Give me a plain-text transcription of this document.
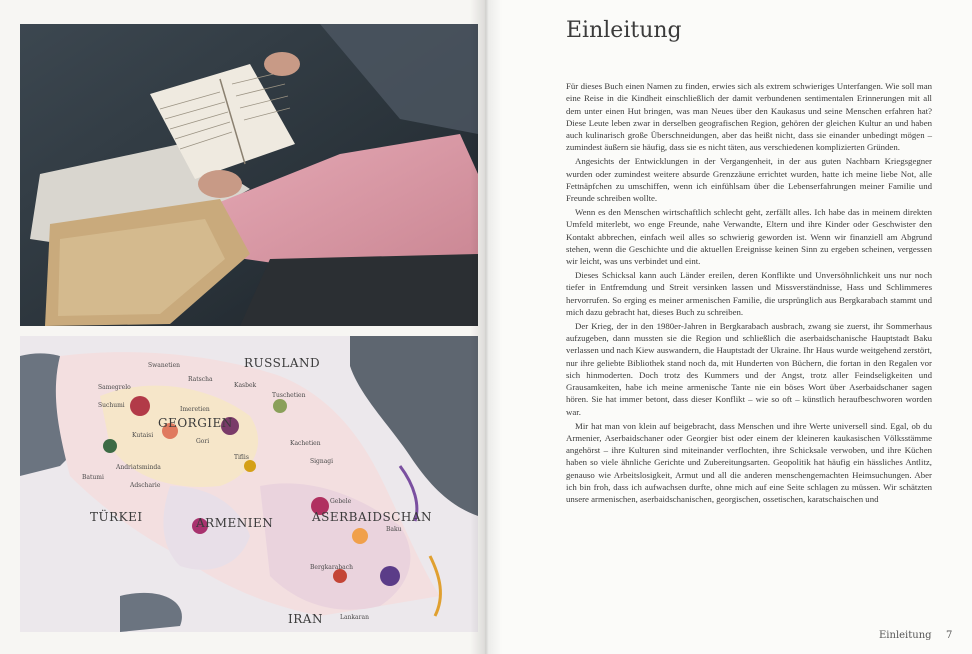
RUSSLAND
GEORGIEN
TÜRKEI	ARMENIEN	ASERBAIDSCHAN
IRAN
Swanetien
Ratscha
Samegrelo	Kasbek
Tuschetien
Suchumi
Imeretien
Kachetien
Kutaisi
Gori
Signagi
Tiflis
Batumi
Andriatsminda
Adscharie
Gebele
Baku
Bergkarabach
Lankaran
Einleitung

Für dieses Buch einen Namen zu finden, erwies sich als extrem schwieriges Unterfangen. Wie soll man eine Reise in die Kindheit einschließlich der damit verbundenen sentimentalen Erinnerungen mit all dem unter einen Hut bringen, was man Neues über den Kaukasus und seine Menschen erfahren hat? Diese Leute leben zwar in derselben geografischen Region, gehören der gleichen Kultur an und haben auch kulinarisch große Überschneidungen, aber das heißt nicht, dass sie einander unbedingt mögen – zumindest äußern sie häufig, dass sie es nicht täten, aus verschiedenen komplizierten Gründen.

Angesichts der Entwicklungen in der Vergangenheit, in der aus guten Nachbarn Kriegsgegner wurden oder zumindest weitere absurde Grenzzäune errichtet wurden, hatte ich meine liebe Not, alle Fettnäpfchen zu umschiffen, wenn ich einfühlsam über die Lebenserfahrungen meiner Familie und Freunde schreiben wollte.

Wenn es den Menschen wirtschaftlich schlecht geht, zerfällt alles. Ich habe das in meinem direkten Umfeld miterlebt, wo enge Freunde, nahe Verwandte, Eltern und ihre Kinder oder Geschwister den Kontakt abbrechen, einfach weil alles so schwierig geworden ist. Wenn wir finanziell am Abgrund stehen, wenn die Geschichte und die aktuellen Ereignisse keinen Sinn zu ergeben scheinen, vergessen wir leicht, was uns verbindet und eint.

Dieses Schicksal kann auch Länder ereilen, deren Konflikte und Unversöhnlichkeit uns nur noch tiefer in Entfremdung und Streit versinken lassen und Missverständnisse, Hass und Schlimmeres hervorrufen. So erging es meiner armenischen Familie, die ursprünglich aus Bergkarabach stammt und mich dazu gebracht hat, dieses Buch zu schreiben.

Der Krieg, der in den 1980er-Jahren in Bergkarabach ausbrach, zwang sie zuerst, ihr Sommerhaus aufzugeben, dann mussten sie die Region und schließlich die aserbaidschanische Hauptstadt Baku verlassen und nach Kiew auswandern, die Hauptstadt der Ukraine. Ihr Haus wurde weitgehend zerstört, nur ihre geliebte Bibliothek stand noch da, mit Hunderten von Büchern, die fortan in den Regalen vor sich hinmoderten. Doch trotz des Kummers und der Angst, trotz aller Feindseligkeiten und Grausamkeiten, habe ich meine armenische Tante nie ein böses Wort über Aserbaidschaner sagen hören. Sie hat immer betont, dass dieser Konflikt – wie so oft – künstlich heraufbeschworen worden war.

Mir hat man von klein auf beigebracht, dass Menschen und ihre Werte universell sind. Egal, ob du Armenier, Aserbaidschaner oder Georgier bist oder einem der kleineren kaukasischen Völksstämme angehörst – ihre Kulturen sind miteinander verflochten, ihre Schicksale verwoben, und ihre Küchen haben so viele ähnliche Gerichte und Zubereitungsarten. Geopolitik hat häufig ein hässliches Antlitz, genauso wie Arbeitslosigkeit, Armut und all die anderen menschengemachten Heimsuchungen. Aber ich bin froh, dass ich aufwachsen durfte, ohne mich auf eine Seite schlagen zu müssen. Wir schätzten unsere armenischen, aserbaidschanischen, georgischen, ossetischen, karatschaischen und

Einleitung 7
